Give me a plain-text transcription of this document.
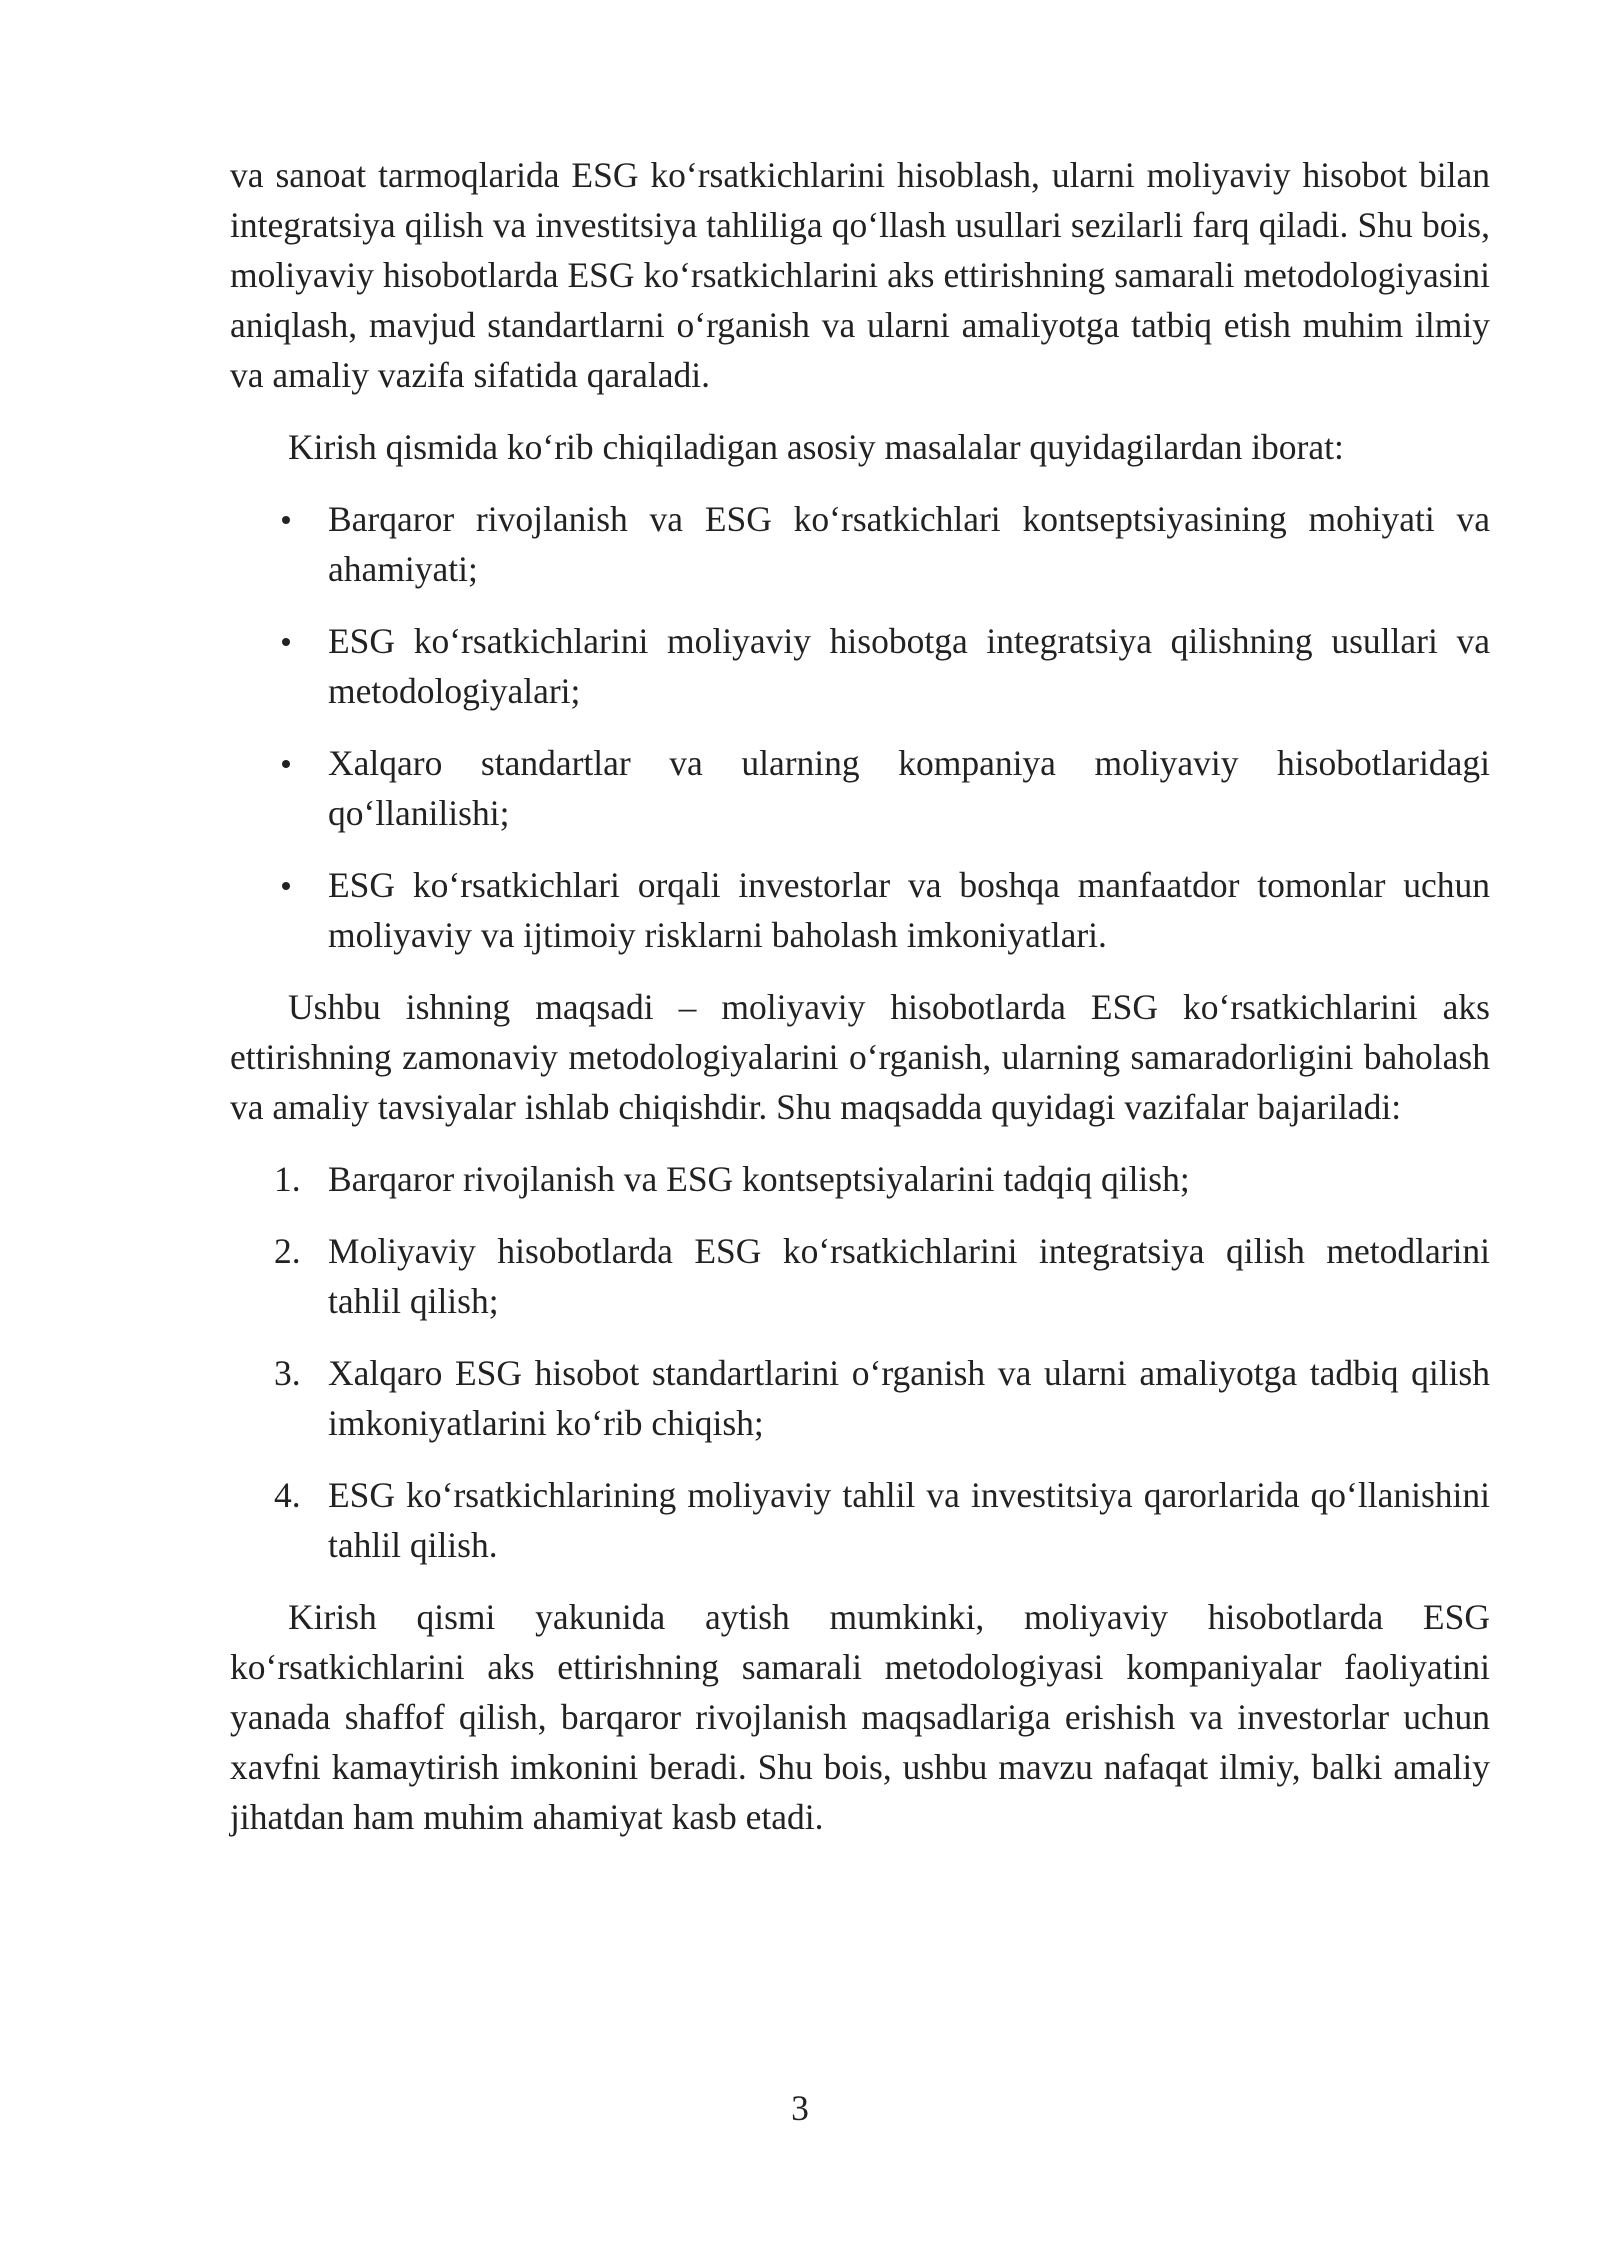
va sanoat tarmoqlarida ESG ko‘rsatkichlarini hisoblash, ularni moliyaviy hisobot bilan integratsiya qilish va investitsiya tahliliga qo‘llash usullari sezilarli farq qiladi. Shu bois, moliyaviy hisobotlarda ESG ko‘rsatkichlarini aks ettirishning samarali metodologiyasini aniqlash, mavjud standartlarni o‘rganish va ularni amaliyotga tatbiq etish muhim ilmiy va amaliy vazifa sifatida qaraladi.

Kirish qismida ko‘rib chiqiladigan asosiy masalalar quyidagilardan iborat:

Barqaror rivojlanish va ESG ko‘rsatkichlari kontseptsiyasining mohiyati va ahamiyati;
ESG ko‘rsatkichlarini moliyaviy hisobotga integratsiya qilishning usullari va metodologiyalari;
Xalqaro standartlar va ularning kompaniya moliyaviy hisobotlaridagi qo‘llanilishi;
ESG ko‘rsatkichlari orqali investorlar va boshqa manfaatdor tomonlar uchun moliyaviy va ijtimoiy risklarni baholash imkoniyatlari.

Ushbu ishning maqsadi – moliyaviy hisobotlarda ESG ko‘rsatkichlarini aks ettirishning zamonaviy metodologiyalarini o‘rganish, ularning samaradorligini baholash va amaliy tavsiyalar ishlab chiqishdir. Shu maqsadda quyidagi vazifalar bajariladi:

1. Barqaror rivojlanish va ESG kontseptsiyalarini tadqiq qilish;
2. Moliyaviy hisobotlarda ESG ko‘rsatkichlarini integratsiya qilish metodlarini tahlil qilish;
3. Xalqaro ESG hisobot standartlarini o‘rganish va ularni amaliyotga tadbiq qilish imkoniyatlarini ko‘rib chiqish;
4. ESG ko‘rsatkichlarining moliyaviy tahlil va investitsiya qarorlarida qo‘llanishini tahlil qilish.

Kirish qismi yakunida aytish mumkinki, moliyaviy hisobotlarda ESG ko‘rsatkichlarini aks ettirishning samarali metodologiyasi kompaniyalar faoliyatini yanada shaffof qilish, barqaror rivojlanish maqsadlariga erishish va investorlar uchun xavfni kamaytirish imkonini beradi. Shu bois, ushbu mavzu nafaqat ilmiy, balki amaliy jihatdan ham muhim ahamiyat kasb etadi.

3
